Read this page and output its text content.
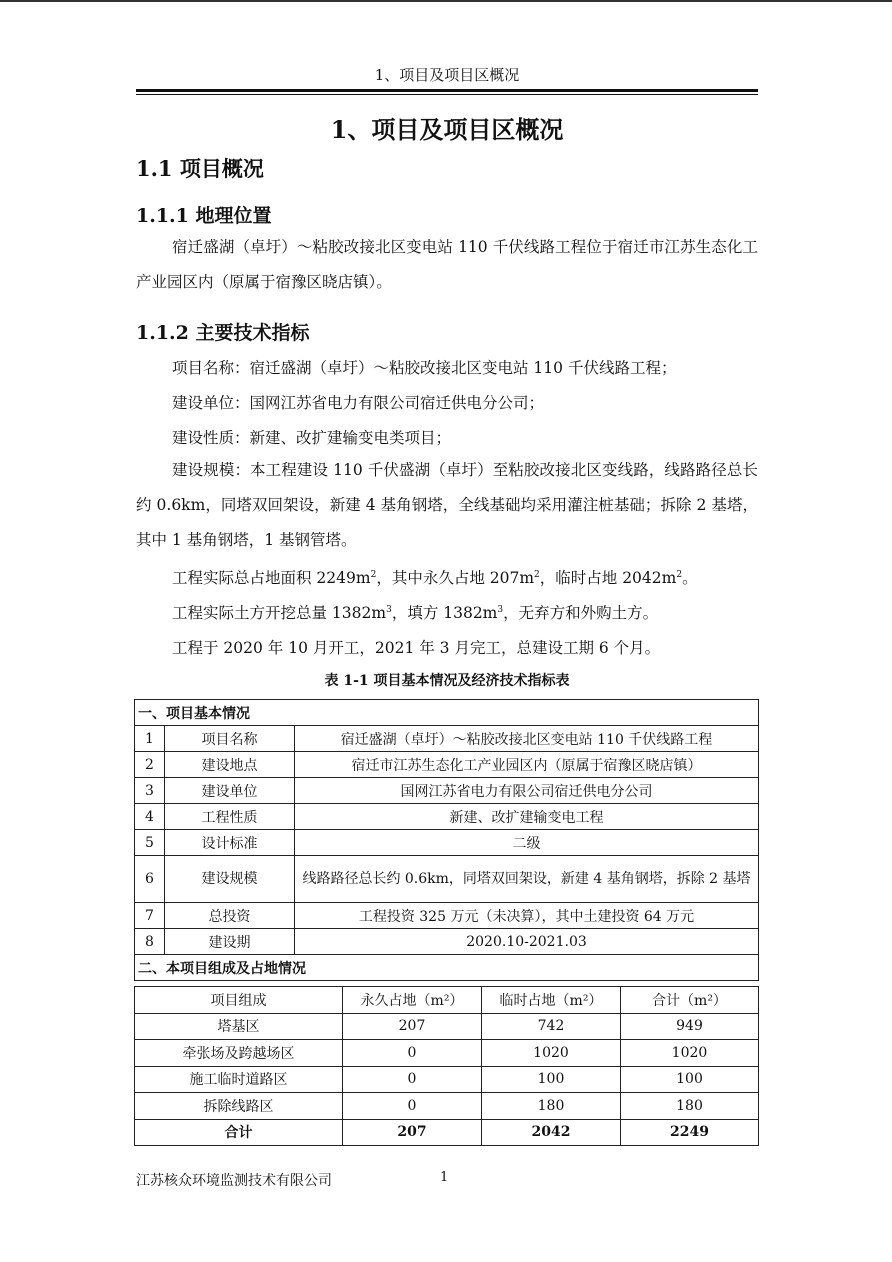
1、项目及项目区概况
1、项目及项目区概况
1.1 项目概况
1.1.1 地理位置

宿迁盛湖（卓圩）～粘胶改接北区变电站 110 千伏线路工程位于宿迁市江苏生态化工产业园区内（原属于宿豫区晓店镇）。

1.1.2 主要技术指标
项目名称：宿迁盛湖（卓圩）～粘胶改接北区变电站 110 千伏线路工程；
建设单位：国网江苏省电力有限公司宿迁供电分公司；
建设性质：新建、改扩建输变电类项目；

建设规模：本工程建设 110 千伏盛湖（卓圩）至粘胶改接北区变线路，线路路径总长约 0.6km，同塔双回架设，新建 4 基角钢塔，全线基础均采用灌注桩基础；拆除 2 基塔，其中 1 基角钢塔，1 基钢管塔。

工程实际总占地面积 $2249m^2$，其中永久占地 $207m^2$，临时占地 $2042m^2$。
工程实际土方开挖总量 $1382m^3$，填方 $1382m^3$，无弃方和外购土方。
工程于 2020 年 10 月开工，2021 年 3 月完工，总建设工期 6 个月。
表 1-1 项目基本情况及经济技术指标表
一、项目基本情况		
1	项目名称	宿迁盛湖（卓圩）～粘胶改接北区变电站 110 千伏线路工程
2	建设地点	宿迁市江苏生态化工产业园区内（原属于宿豫区晓店镇）
3	建设单位	国网江苏省电力有限公司宿迁供电分公司
4	工程性质	新建、改扩建输变电工程
5	设计标准	二级
6	建设规模	线路路径总长约 0.6km，同塔双回架设，新建 4 基角钢塔，拆除 2 基塔
7	总投资	工程投资 325 万元（未决算），其中土建投资 64 万元
8	建设期	2020.10-2021.03
二、本项目组成及占地情况		
项目组成	永久占地（m²）	临时占地（m²）	合计（m²）
塔基区	207	742	949
牵张场及跨越场区	0	1020	1020
施工临时道路区	0	100	100
拆除线路区	0	180	180
合计	207	2042	2249
江苏核众环境监测技术有限公司	1
